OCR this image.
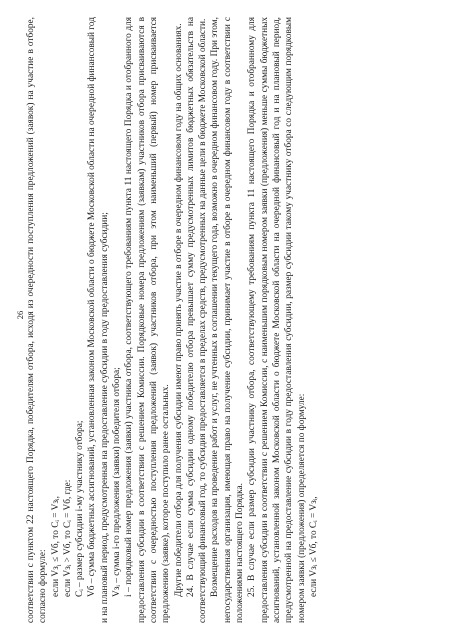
26 соответствии с пунктом 22 настоящего Порядка, победителям отбора, исходя из очередности поступления предложений (заявок) на участие в отборе, согласно формуле: если $Vз_i$ ≤ Vб, то Cᵢ = Vзᵢ, если Vзᵢ > Vб, то Cᵢ = Vб, где: Cᵢ – размер субсидии i-му участнику отбора; Vб – сумма бюджетных ассигнований, установленная законом Московской области о бюджете Московской области на очередной финансовый год и на плановый период, предусмотренная на предоставление субсидии в году предоставления субсидии; Vзᵢ – сумма i-го предложения (заявки) победителя отбора; i – порядковый номер предложения (заявки) участника отбора, соответствующего требованиям пункта 11 настоящего Порядка и отобранного для предоставления субсидии в соответствии с решением Комиссии. Порядковые номера предложениям (заявкам) участников отбора присваиваются в соответствии с очередностью поступления предложений (заявок) участников отбора, при этом наименьший (первый) номер присваивается предложению (заявке), которое поступило ранее остальных. Другие победители отбора для получения субсидии имеют право принять участие в отборе в очередном финансовом году на общих основаниях. 24. В случае если сумма субсидии одному победителю отбора превышает сумму предусмотренных лимитов бюджетных обязательств на соответствующий финансовый год, то субсидия предоставляется в пределах средств, предусмотренных на данные цели в бюджете Московской области. Возмещение расходов на проведение работ и услуг, не учтенных в соглашении текущего года, возможно в очередном финансовом году. При этом, негосударственная организация, имеющая право на получение субсидии, принимает участие в отборе в очередном финансовом году в соответствии с положениями настоящего Порядка. 25. В случае если размер субсидии участнику отбора, соответствующему требованиям пункта 11 настоящего Порядка и отобранному для предоставления субсидии в соответствии с решением Комиссии, с наименьшим порядковым номером заявки (предложения) меньше суммы бюджетных ассигнований, установленной законом Московской области о бюджете Московской области на очередной финансовый год и на плановый период, предусмотренной на предоставление субсидии в году предоставления субсидии, размер субсидии такому участнику отбора со следующим порядковым номером заявки (предложения) определяется по формуле: если Vзᵢ ≤ Vб, то Cᵢ = Vзᵢ,
